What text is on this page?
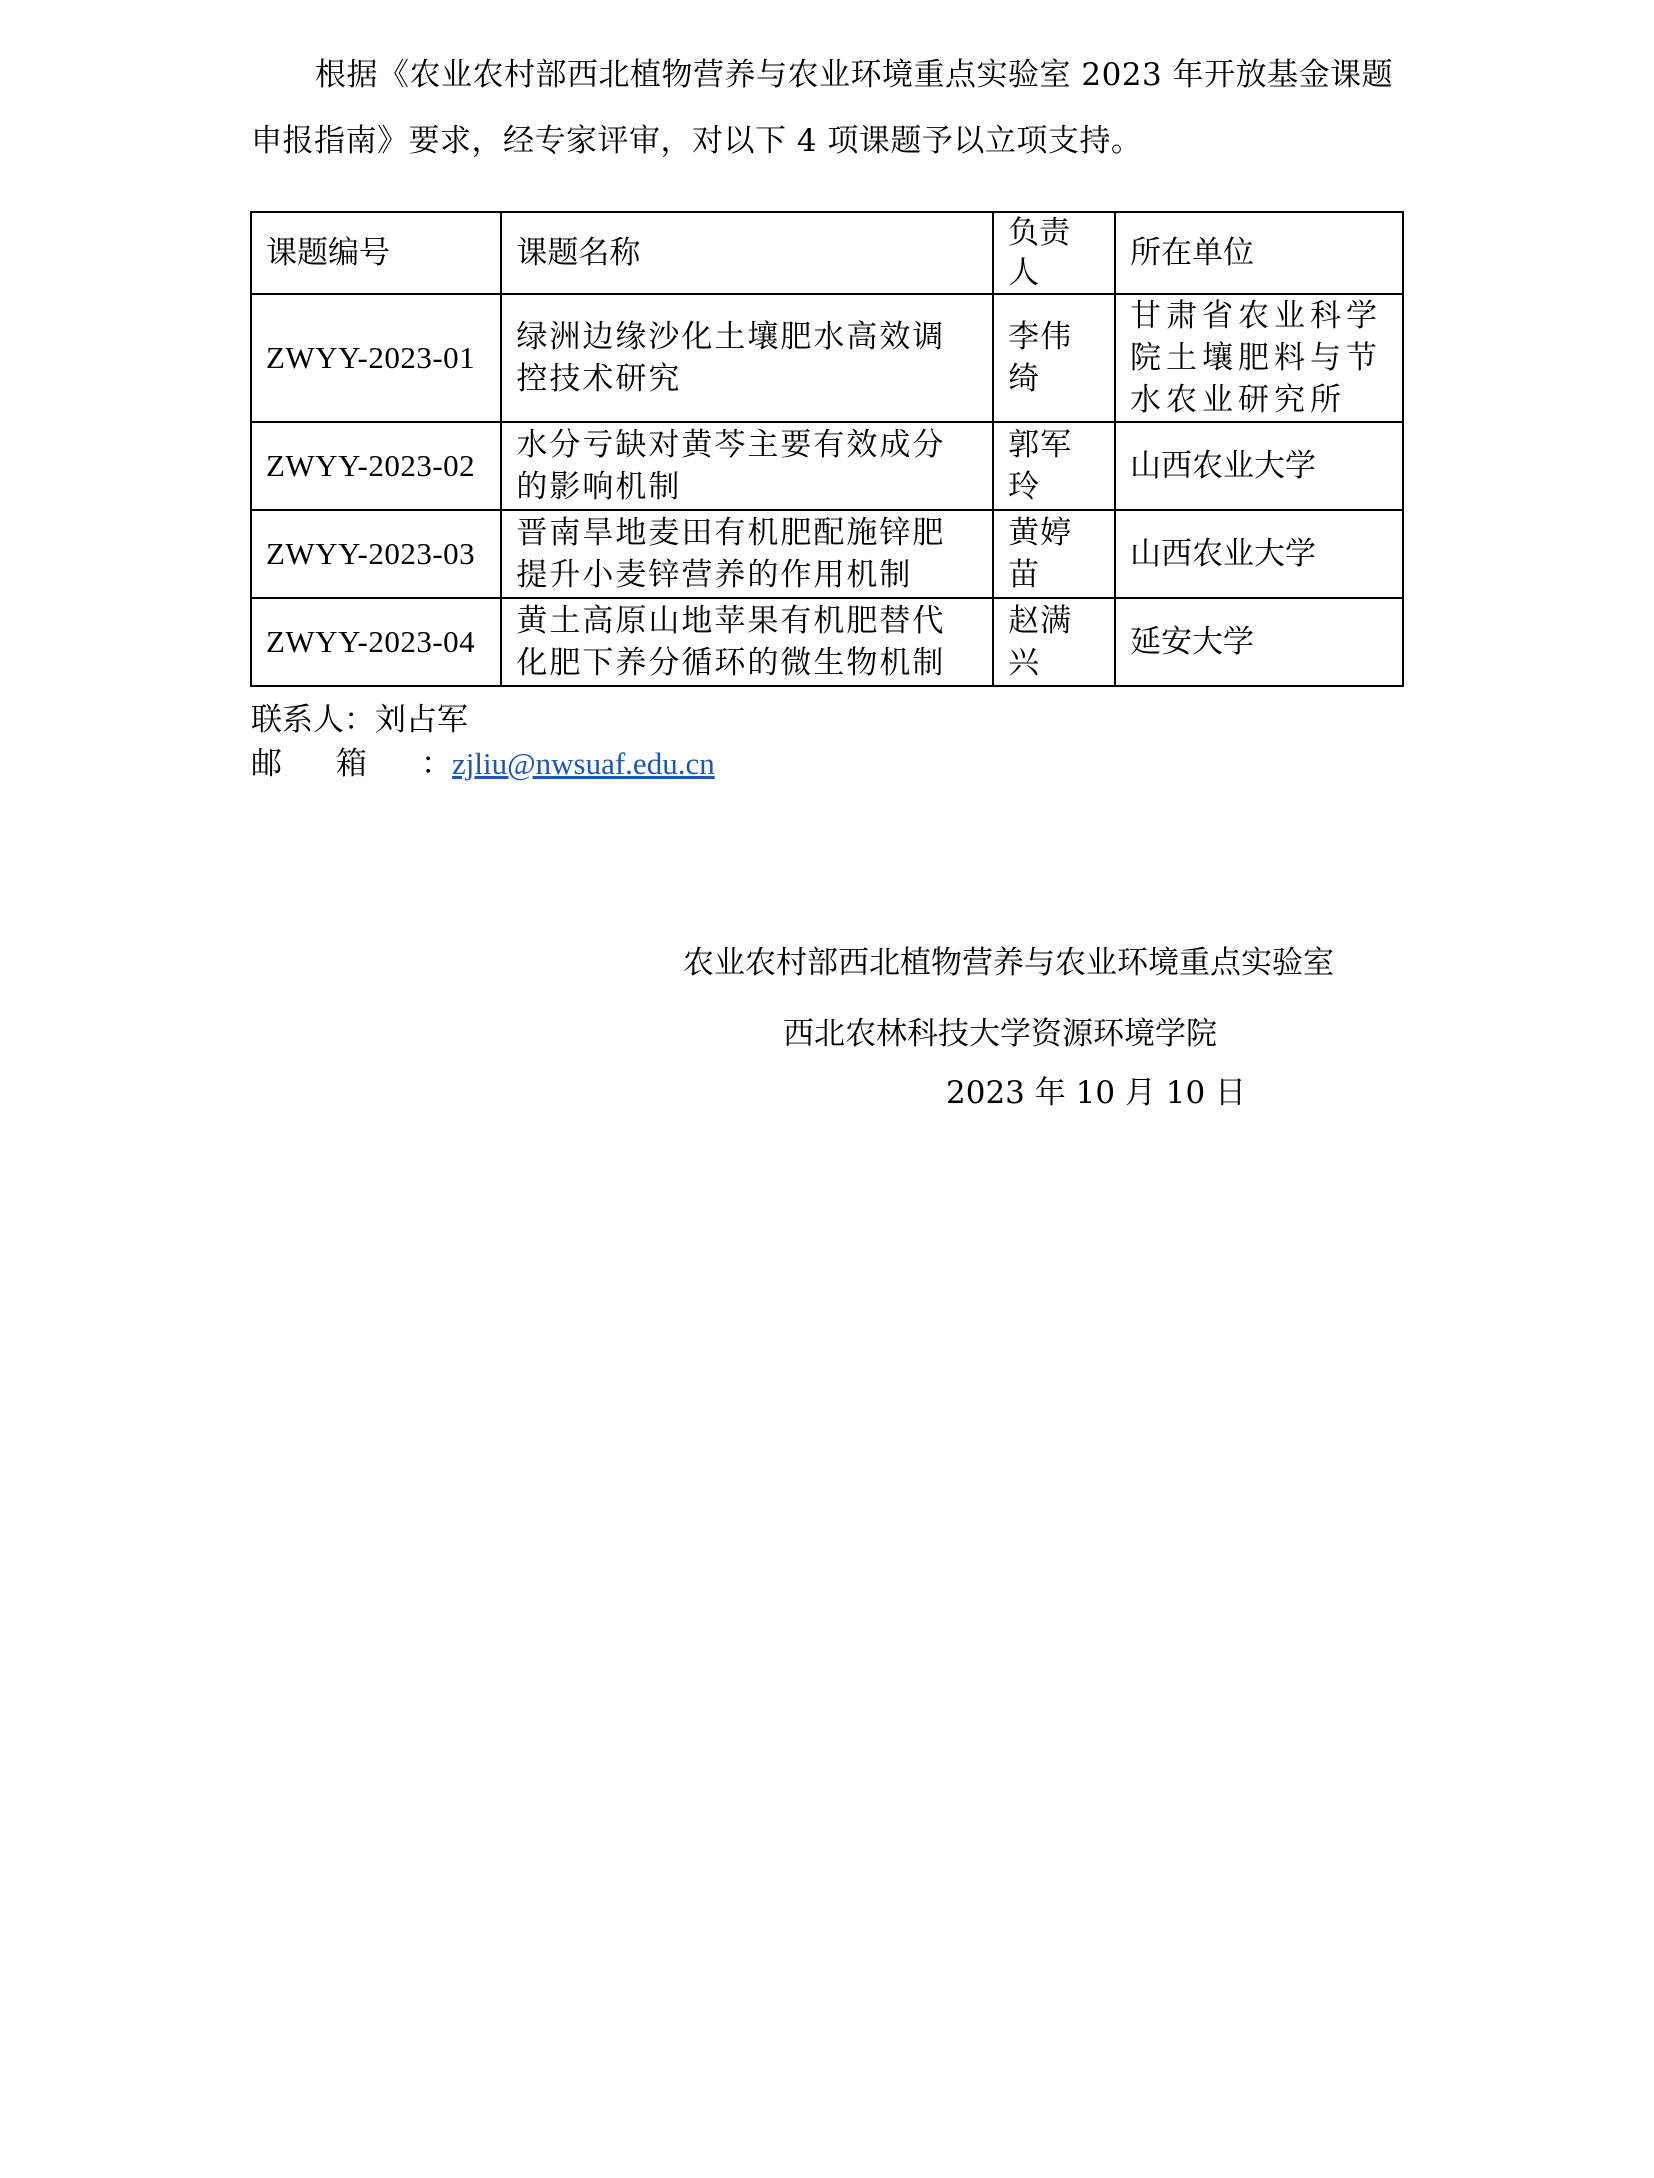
根据《农业农村部西北植物营养与农业环境重点实验室 2023 年开放基金课题申报指南》要求，经专家评审，对以下 4 项课题予以立项支持。

课题编号	课题名称	负责人	所在单位
ZWYY-2023-01	绿洲边缘沙化土壤肥水高效调控技术研究	李伟绮	甘肃省农业科学院土壤肥料与节水农业研究所
ZWYY-2023-02	水分亏缺对黄芩主要有效成分的影响机制	郭军玲	山西农业大学
ZWYY-2023-03	晋南旱地麦田有机肥配施锌肥提升小麦锌营养的作用机制	黄婷苗	山西农业大学
ZWYY-2023-04	黄土高原山地苹果有机肥替代化肥下养分循环的微生物机制	赵满兴	延安大学
联系人：刘占军
邮箱：zjliu@nwsuaf.edu.cn
农业农村部西北植物营养与农业环境重点实验室
西北农林科技大学资源环境学院
2023 年 10 月 10 日
